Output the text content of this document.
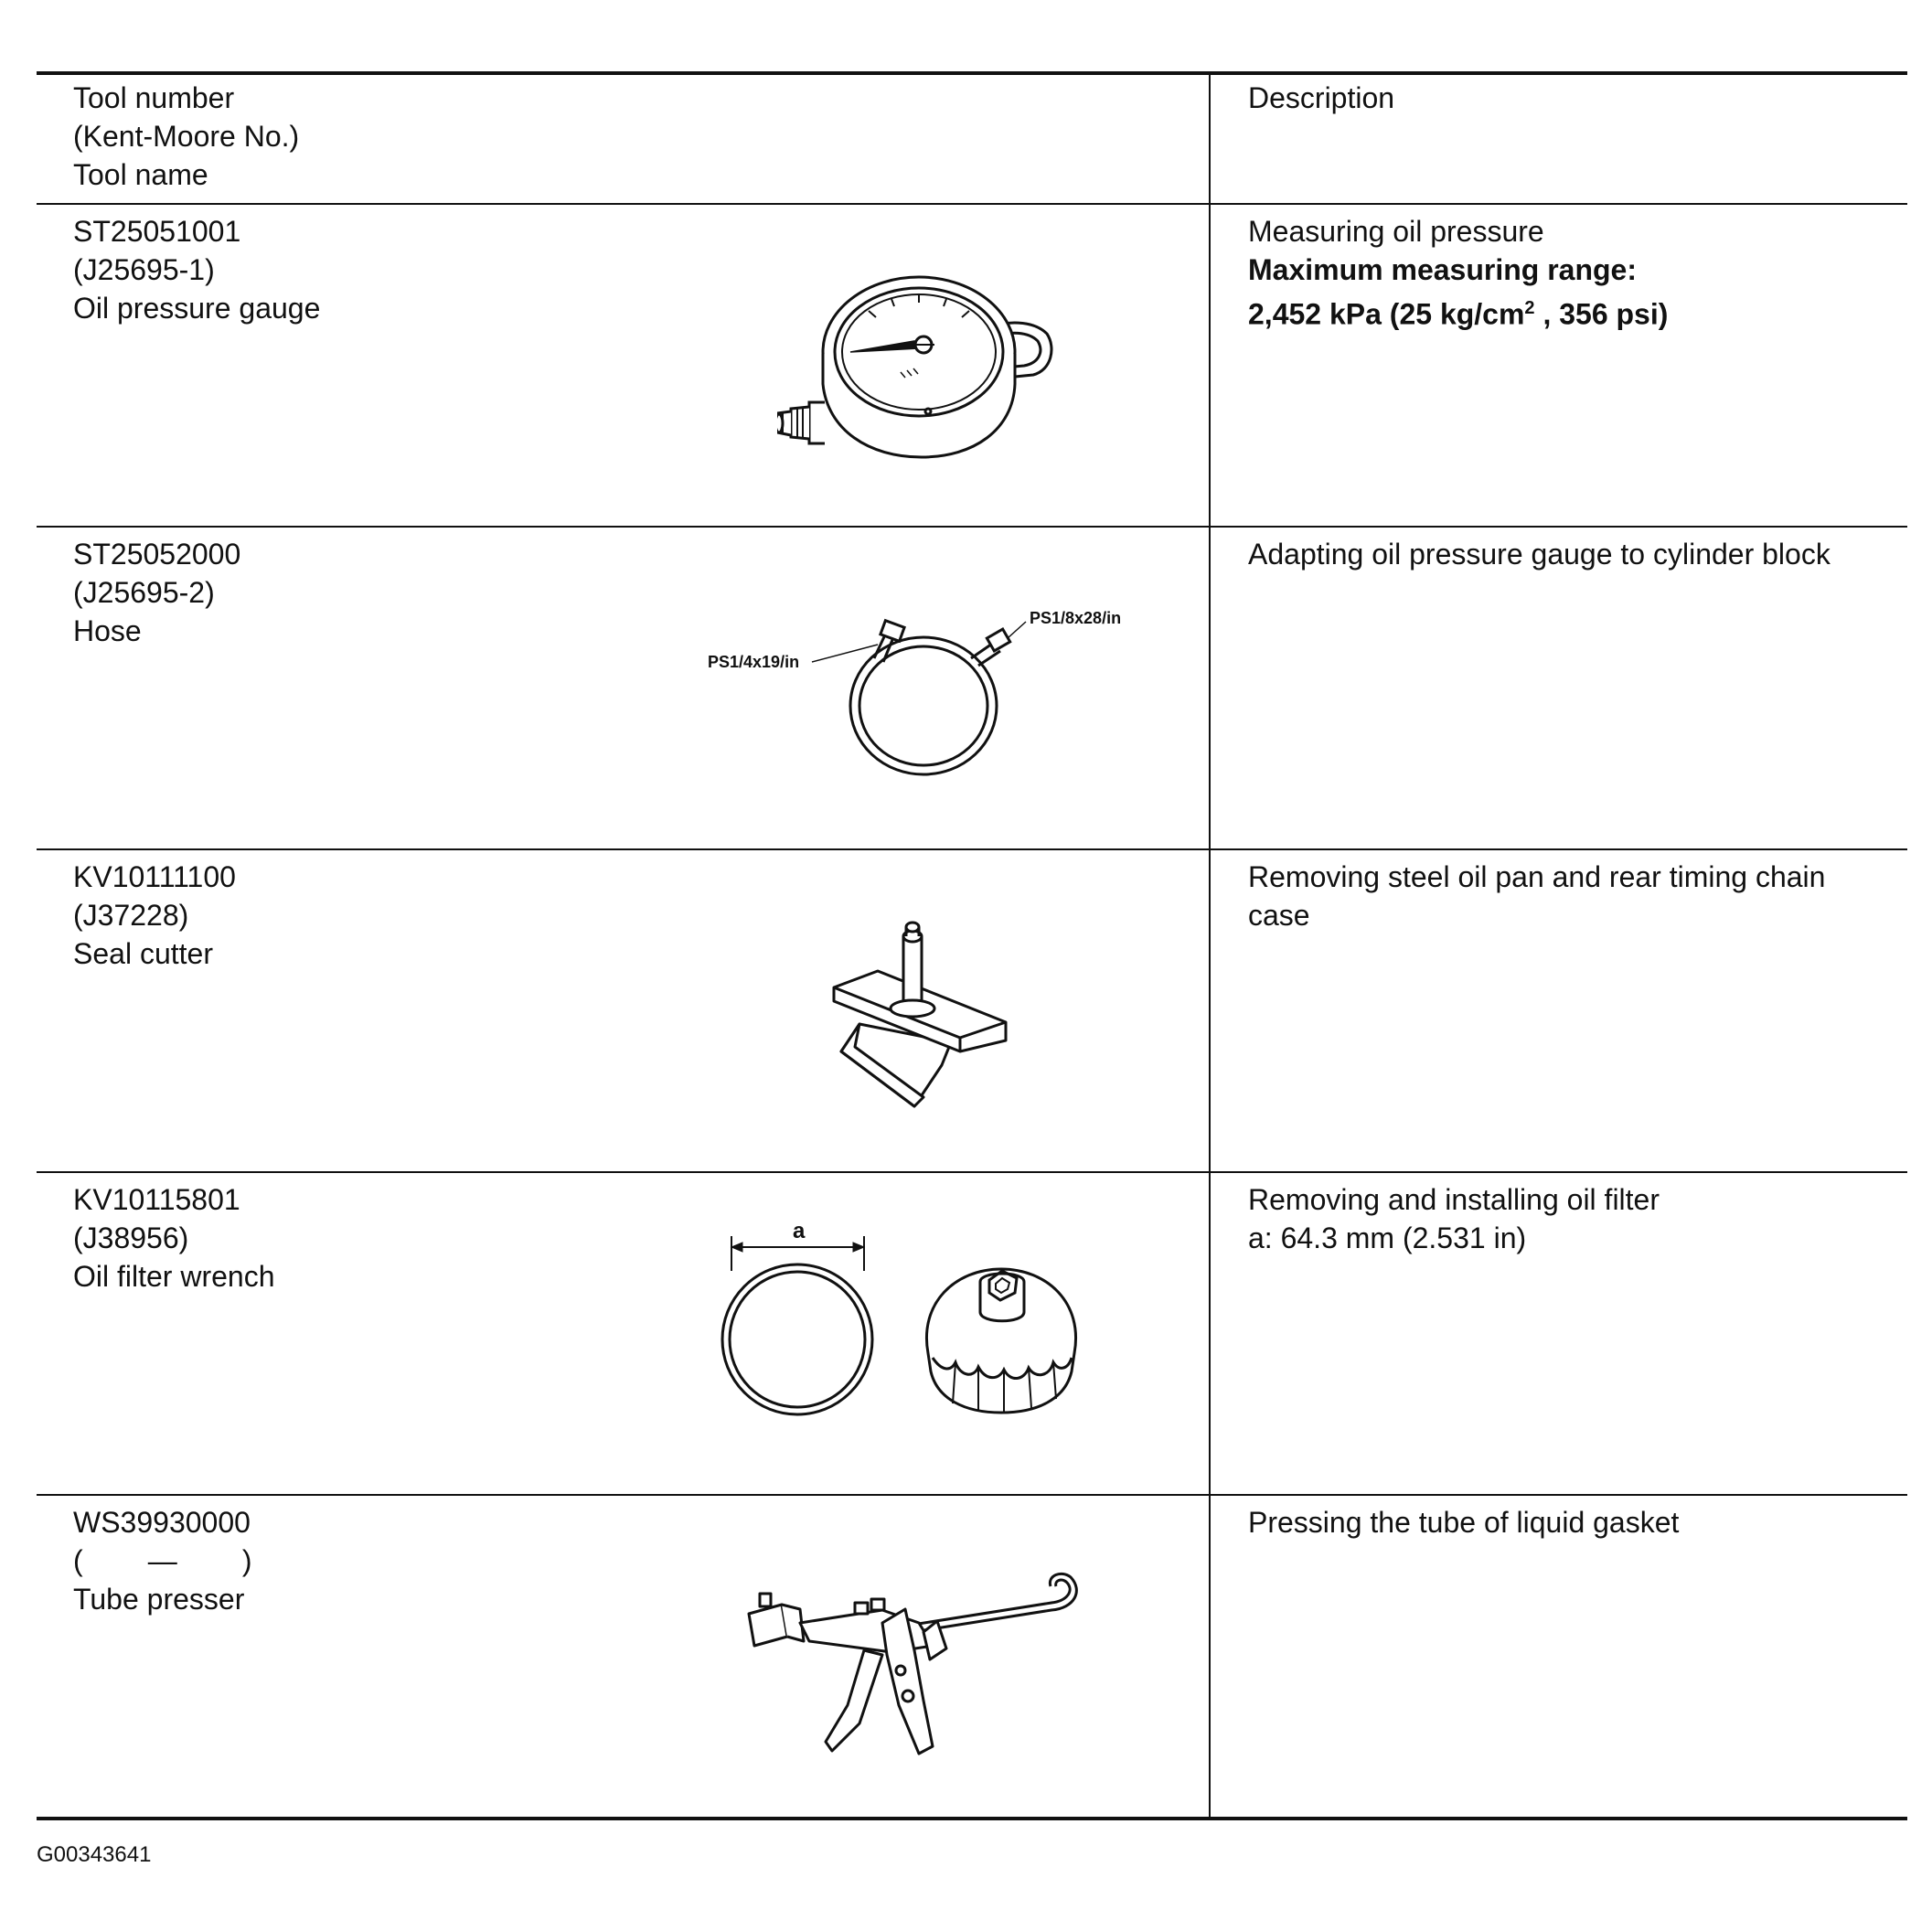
Tool number
(Kent-Moore No.)
Tool name
Description
ST25051001
(J25695-1)
Oil pressure gauge
Measuring oil pressure
Maximum measuring range:
2,452 kPa (25 $kg/cm^2$ , 356 psi)
ST25052000
(J25695-2)
Hose
Adapting oil pressure gauge to cylinder block
PS1/4x19/in
PS1/8x28/in
KV10111100
(J37228)
Seal cutter
Removing steel oil pan and rear timing chain
case
KV10115801
(J38956)
Oil filter wrench
Removing and installing oil filter
a: 64.3 mm (2.531 in)
a
WS39930000
(        —        )
Tube presser
Pressing the tube of liquid gasket
G00343641
